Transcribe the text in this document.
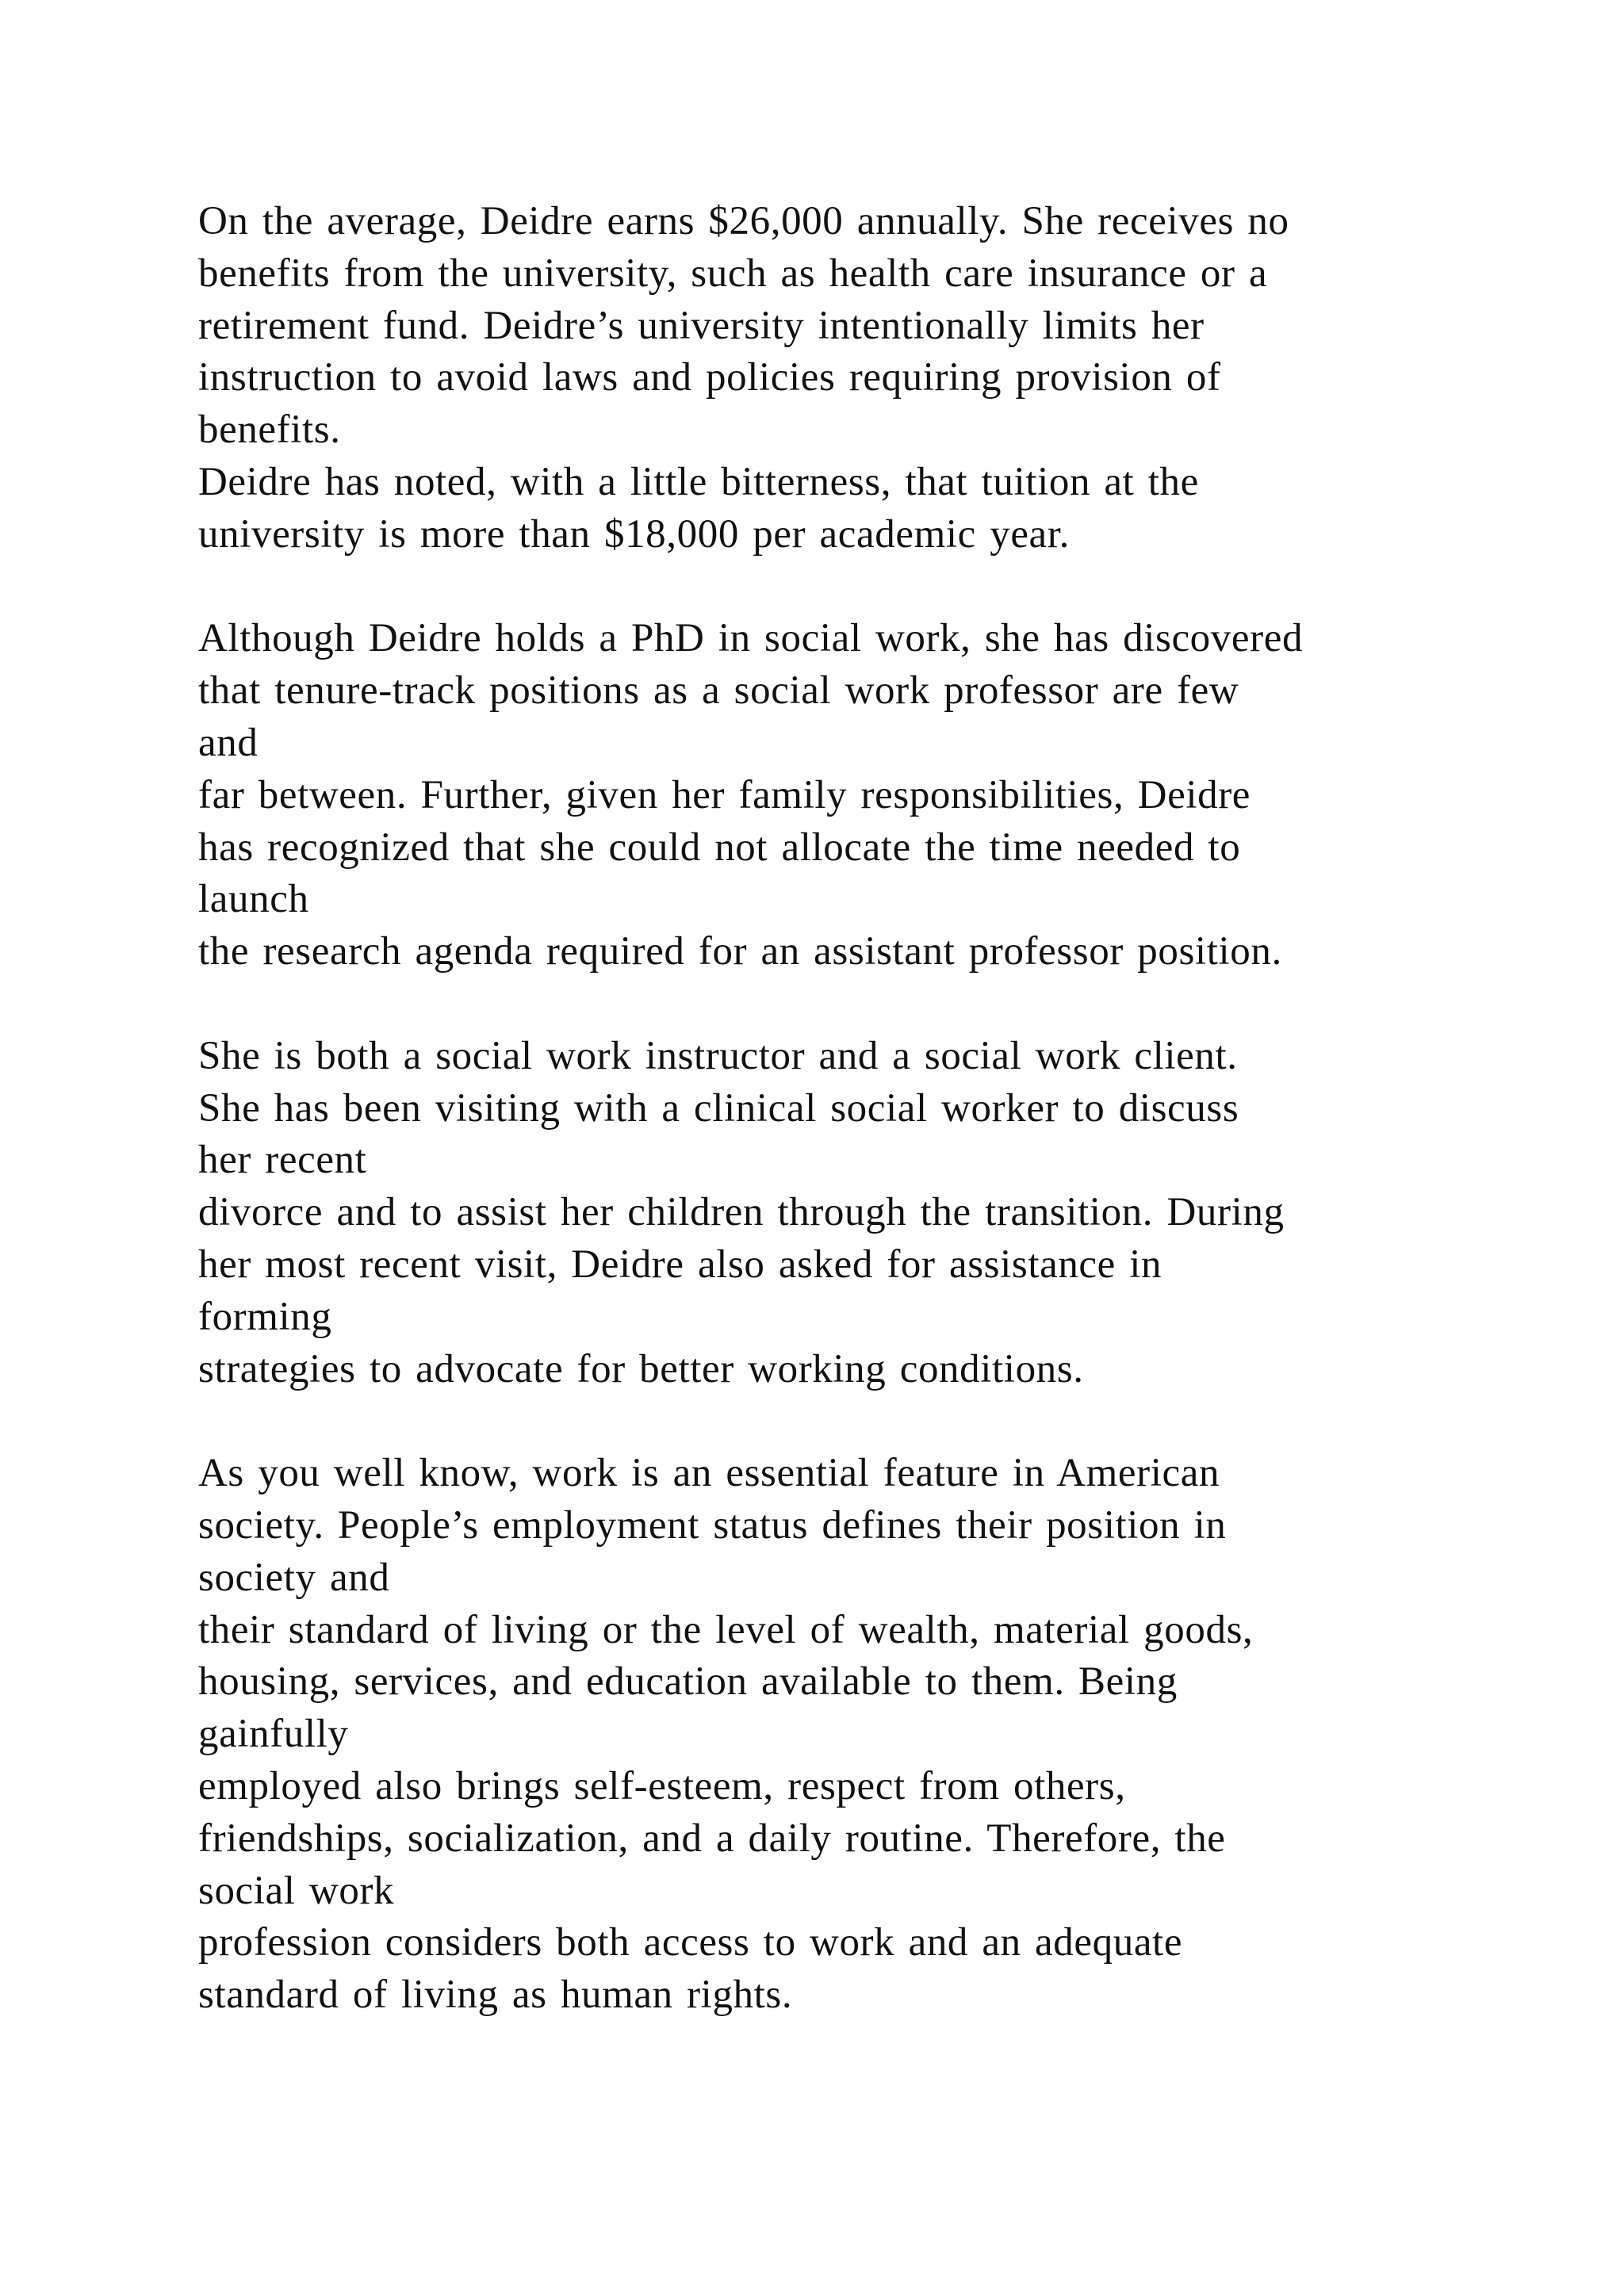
On the average, Deidre earns $26,000 annually. She receives no
benefits from the university, such as health care insurance or a
retirement fund. Deidre’s university intentionally limits her
instruction to avoid laws and policies requiring provision of
benefits.
Deidre has noted, with a little bitterness, that tuition at the
university is more than $18,000 per academic year.
Although Deidre holds a PhD in social work, she has discovered
that tenure-track positions as a social work professor are few
and
far between. Further, given her family responsibilities, Deidre
has recognized that she could not allocate the time needed to
launch
the research agenda required for an assistant professor position.
She is both a social work instructor and a social work client.
She has been visiting with a clinical social worker to discuss
her recent
divorce and to assist her children through the transition. During
her most recent visit, Deidre also asked for assistance in
forming
strategies to advocate for better working conditions.
As you well know, work is an essential feature in American
society. People’s employment status defines their position in
society and
their standard of living or the level of wealth, material goods,
housing, services, and education available to them. Being
gainfully
employed also brings self-esteem, respect from others,
friendships, socialization, and a daily routine. Therefore, the
social work
profession considers both access to work and an adequate
standard of living as human rights.
